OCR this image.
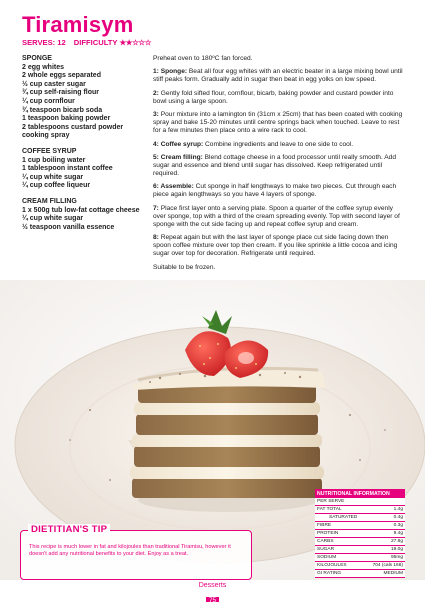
Tiramisym
SERVES: 12 DIFFICULTY ★★☆☆☆
SPONGE
2 egg whites
2 whole eggs separated
½ cup caster sugar
¾ cup self-raising flour
¼ cup cornflour
¾ teaspoon bicarb soda
1 teaspoon baking powder
2 tablespoons custard powder
cooking spray
COFFEE SYRUP
1 cup boiling water
1 tablespoon instant coffee
¼ cup white sugar
¼ cup coffee liqueur
CREAM FILLING
1 x 500g tub low-fat cottage cheese
¼ cup white sugar
½ teaspoon vanilla essence

Preheat oven to 180ºC fan forced.

1: Sponge: Beat all four egg whites with an electric beater in a large mixing bowl until stiff peaks form. Gradually add in sugar then beat in egg yolks on low speed.

2: Gently fold sifted flour, cornflour, bicarb, baking powder and custard powder into bowl using a large spoon.

3: Pour mixture into a lamington tin (31cm x 25cm) that has been coated with cooking spray and bake 15-20 minutes until centre springs back when touched. Leave to rest for a few minutes then place onto a wire rack to cool.

4: Coffee syrup: Combine ingredients and leave to one side to cool.

5: Cream filling: Blend cottage cheese in a food processor until really smooth. Add sugar and essence and blend until sugar has dissolved. Keep refrigerated until required.

6: Assemble: Cut sponge in half lengthways to make two pieces. Cut through each piece again lengthways so you have 4 layers of sponge.

7: Place first layer onto a serving plate. Spoon a quarter of the coffee syrup evenly over sponge, top with a third of the cream spreading evenly. Top with second layer of sponge with the cut side facing up and repeat coffee syrup and cream.

8: Repeat again but with the last layer of sponge place cut side facing down then spoon coffee mixture over top then cream. If you like sprinkle a little cocoa and icing sugar over top for decoration. Refrigerate until required.

Suitable to be frozen.

DIETITIAN'S TIP
This recipe is much lower in fat and kilojoules than traditional Tiramisu, however it doesn't add any nutritional benefits to your diet. Enjoy as a treat.
NUTRITIONAL INFORMATION
PER SERVE
FAT TOTAL	1.4g
SATURATED	0.4g
FIBRE	0.3g
PROTEIN	9.4g
CARBS	27.8g
SUGAR	19.0g
SODIUM	95mg
KILOJOULES	704 (cals 168)
GI RATING	MEDIUM
Desserts
75
